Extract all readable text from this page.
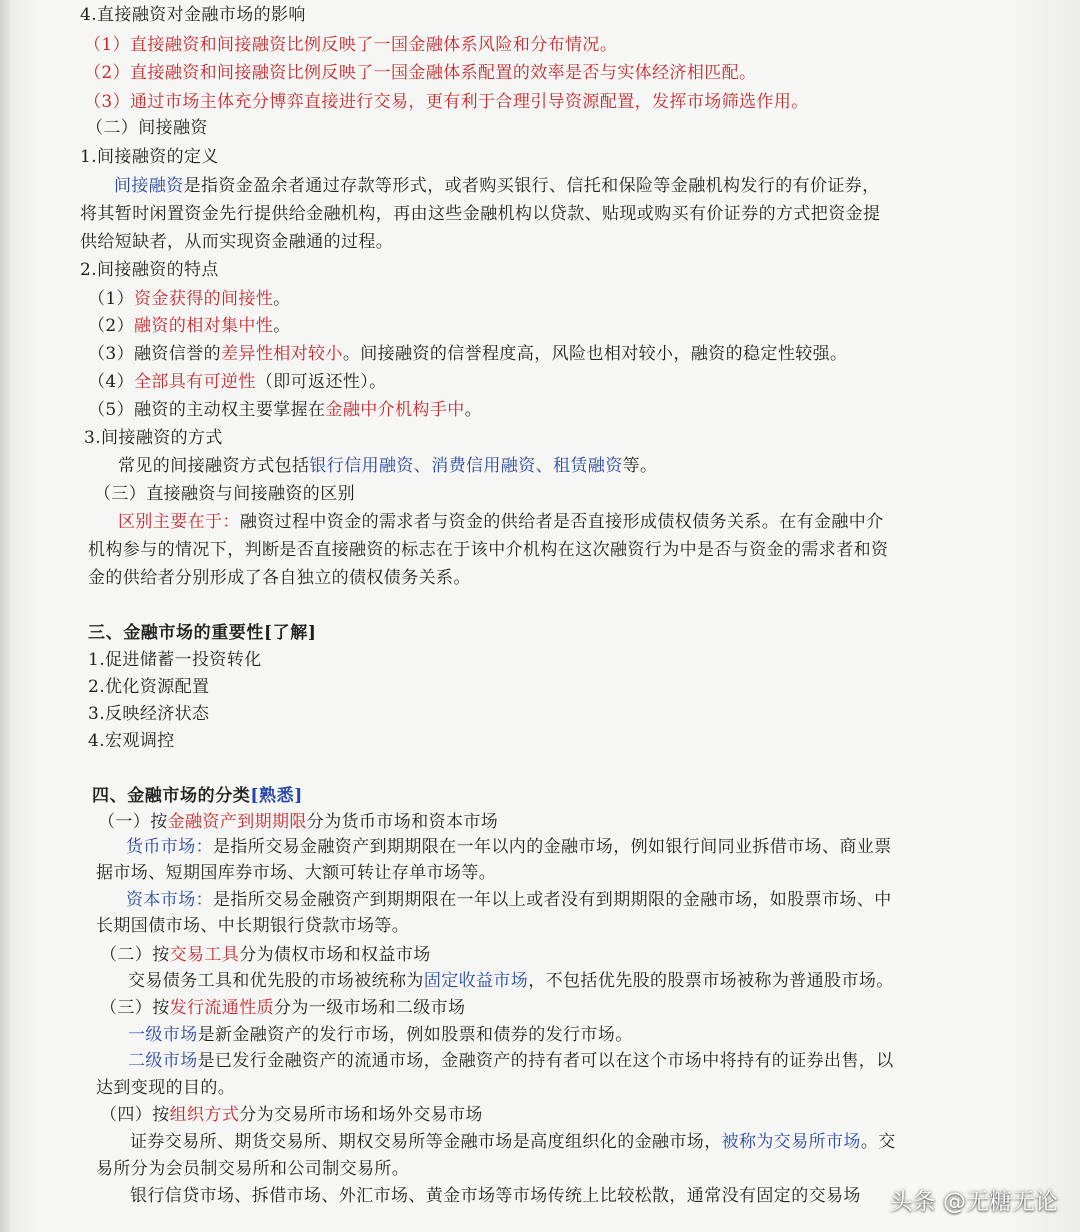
4.直接融资对金融市场的影响
（1）直接融资和间接融资比例反映了一国金融体系风险和分布情况。
（2）直接融资和间接融资比例反映了一国金融体系配置的效率是否与实体经济相匹配。
（3）通过市场主体充分博弈直接进行交易，更有利于合理引导资源配置，发挥市场筛选作用。
（二）间接融资
1.间接融资的定义
间接融资是指资金盈余者通过存款等形式，或者购买银行、信托和保险等金融机构发行的有价证券，
将其暂时闲置资金先行提供给金融机构，再由这些金融机构以贷款、贴现或购买有价证券的方式把资金提
供给短缺者，从而实现资金融通的过程。
2.间接融资的特点
（1）资金获得的间接性。
（2）融资的相对集中性。
（3）融资信誉的差异性相对较小。间接融资的信誉程度高，风险也相对较小，融资的稳定性较强。
（4）全部具有可逆性（即可返还性）。
（5）融资的主动权主要掌握在金融中介机构手中。
3.间接融资的方式
常见的间接融资方式包括银行信用融资、消费信用融资、租赁融资等。
（三）直接融资与间接融资的区别
区别主要在于：融资过程中资金的需求者与资金的供给者是否直接形成债权债务关系。在有金融中介
机构参与的情况下，判断是否直接融资的标志在于该中介机构在这次融资行为中是否与资金的需求者和资
金的供给者分别形成了各自独立的债权债务关系。
三、金融市场的重要性[了解]
1.促进储蓄一投资转化
2.优化资源配置
3.反映经济状态
4.宏观调控
四、金融市场的分类[熟悉]
（一）按金融资产到期期限分为货币市场和资本市场
货币市场：是指所交易金融资产到期期限在一年以内的金融市场，例如银行间同业拆借市场、商业票
据市场、短期国库券市场、大额可转让存单市场等。
资本市场：是指所交易金融资产到期期限在一年以上或者没有到期期限的金融市场，如股票市场、中
长期国债市场、中长期银行贷款市场等。
（二）按交易工具分为债权市场和权益市场
交易债务工具和优先股的市场被统称为固定收益市场，不包括优先股的股票市场被称为普通股市场。
（三）按发行流通性质分为一级市场和二级市场
一级市场是新金融资产的发行市场，例如股票和债券的发行市场。
二级市场是已发行金融资产的流通市场，金融资产的持有者可以在这个市场中将持有的证券出售，以
达到变现的目的。
（四）按组织方式分为交易所市场和场外交易市场
证券交易所、期货交易所、期权交易所等金融市场是高度组织化的金融市场，被称为交易所市场。交
易所分为会员制交易所和公司制交易所。
银行信贷市场、拆借市场、外汇市场、黄金市场等市场传统上比较松散，通常没有固定的交易场 头条 @无糖无论
